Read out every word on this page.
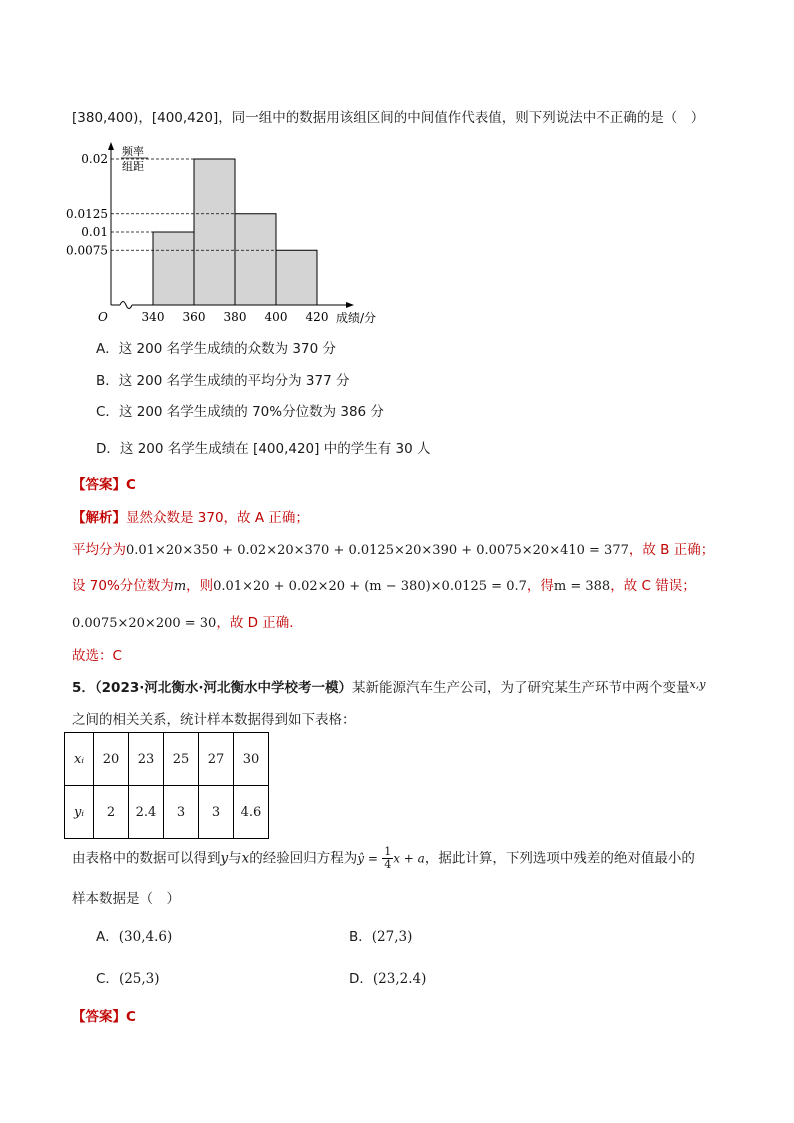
[380,400)，[400,420]，同一组中的数据用该组区间的中间值作代表值，则下列说法中不正确的是（　）
0.02
0.0125
0.01
0.0075
340 360 380 400 420
O	成绩/分
频率
组距
A．这 200 名学生成绩的众数为 370 分
B．这 200 名学生成绩的平均分为 377 分
C．这 200 名学生成绩的 70%分位数为 386 分
D．这 200 名学生成绩在 [400,420] 中的学生有 30 人
【答案】C
【解析】显然众数是 370，故 A 正确；
平均分为0.01×20×350 + 0.02×20×370 + 0.0125×20×390 + 0.0075×20×410 = 377，故 B 正确；
设 70%分位数为m，则0.01×20 + 0.02×20 + (m − 380)×0.0125 = 0.7，得m = 388，故 C 错误；
0.0075×20×200 = 30，故 D 正确.
故选：C
5．（2023·河北衡水·河北衡水中学校考一模）某新能源汽车生产公司，为了研究某生产环节中两个变量$^{x,y}$
之间的相关关系，统计样本数据得到如下表格：
xᵢ	20	23	25	27	30
yᵢ	2	2.4	3	3	4.6
由表格中的数据可以得到y与x的经验回归方程为ŷ = $\frac{1}{4}$ x + a，据此计算，下列选项中残差的绝对值最小的
样本数据是（　）
A．(30,4.6)	B．(27,3)
C．(25,3)	D．(23,2.4)
【答案】C
